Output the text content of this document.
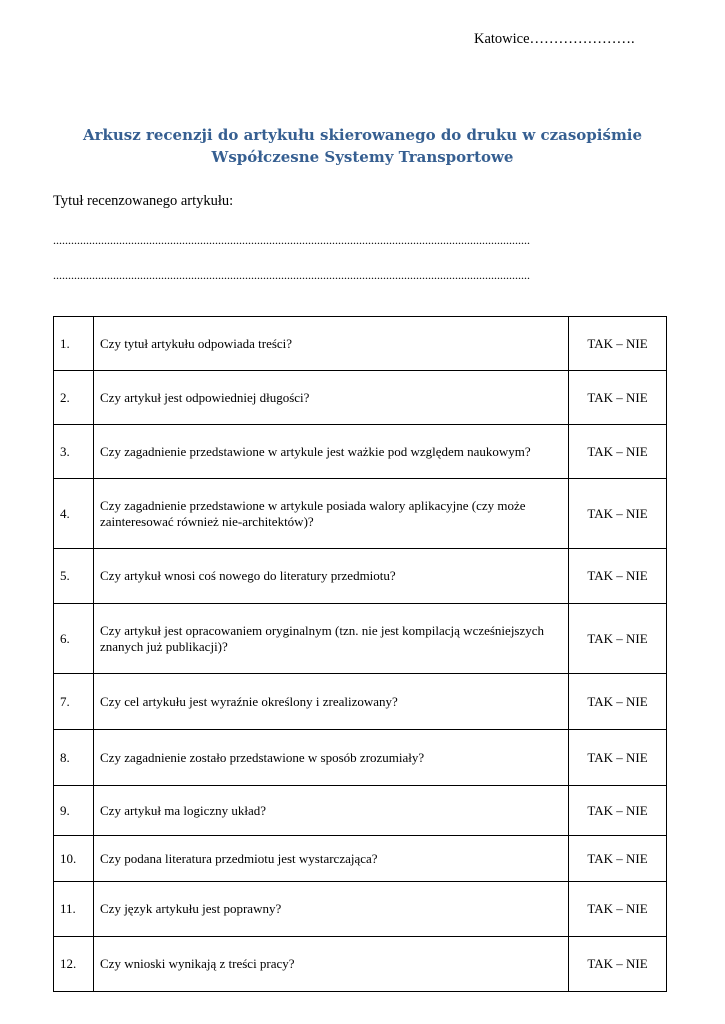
Katowice………………….
Arkusz recenzji do artykułu skierowanego do druku w czasopiśmie
Współczesne Systemy Transportowe
Tytuł recenzowanego artykułu:
...............................................................................................................................................................
...............................................................................................................................................................
1.	Czy tytuł artykułu odpowiada treści?	TAK – NIE
2.	Czy artykuł jest odpowiedniej długości?	TAK – NIE
3.	Czy zagadnienie przedstawione w artykule jest ważkie pod względem naukowym?	TAK – NIE
4.	Czy zagadnienie przedstawione w artykule posiada walory aplikacyjne (czy może zainteresować również nie-architektów)?	TAK – NIE
5.	Czy artykuł wnosi coś nowego do literatury przedmiotu?	TAK – NIE
6.	Czy artykuł jest opracowaniem oryginalnym (tzn. nie jest kompilacją wcześniejszych znanych już publikacji)?	TAK – NIE
7.	Czy cel artykułu jest wyraźnie określony i zrealizowany?	TAK – NIE
8.	Czy zagadnienie zostało przedstawione w sposób zrozumiały?	TAK – NIE
9.	Czy artykuł ma logiczny układ?	TAK – NIE
10.	Czy podana literatura przedmiotu jest wystarczająca?	TAK – NIE
11.	Czy język artykułu jest poprawny?	TAK – NIE
12.	Czy wnioski wynikają z treści pracy?	TAK – NIE
